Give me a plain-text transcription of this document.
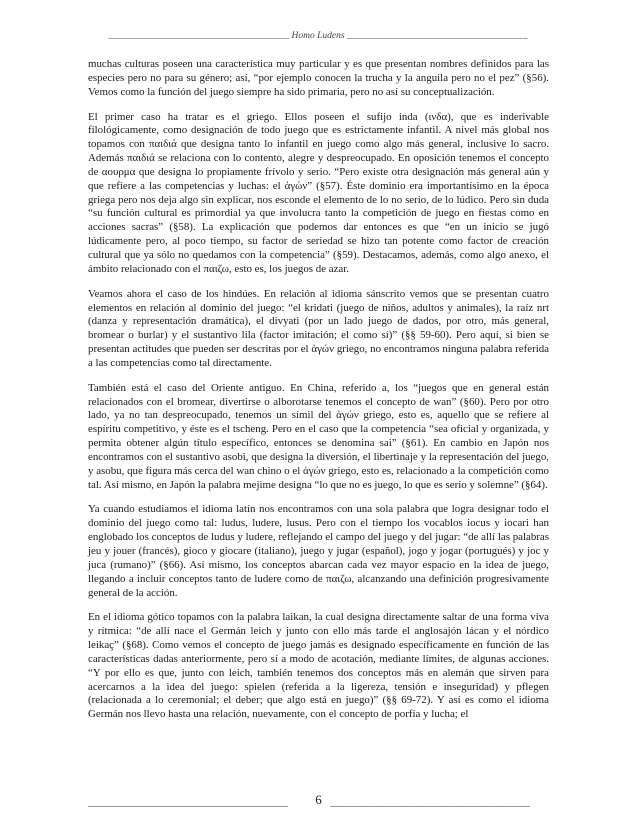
______________________________________ Homo Ludens ______________________________________

muchas culturas poseen una característica muy particular y es que presentan nombres definidos para las especies pero no para su género; así, “por ejemplo conocen la trucha y la anguila pero no el pez” (§56). Vemos como la función del juego siempre ha sido primaria, pero no así su conceptualización.

El primer caso ha tratar es el griego. Ellos poseen el sufijo inda (ινδα), que es inderivable filológicamente, como designación de todo juego que es estrictamente infantil. A nivel más global nos topamos con παιδιά que designa tanto lo infantil en juego como algo más general, inclusive lo sacro. Además παιδιά se relaciona con lo contento, alegre y despreocupado. En oposición tenemos el concepto de αουρμα que designa lo propiamente frívolo y serio. “Pero existe otra designación más general aún y que refiere a las competencias y luchas: el ἀγών” (§57). Éste dominio era importantísimo en la época griega pero nos deja algo sin explicar, nos esconde el elemento de lo no serio, de lo lúdico. Pero sin duda “su función cultural es primordial ya que involucra tanto la competición de juego en fiestas como en acciones sacras” (§58). La explicación que podemos dar entonces es que “en un inicio se jugó lúdicamente pero, al poco tiempo, su factor de seriedad se hizo tan potente como factor de creación cultural que ya sólo no quedamos con la competencia” (§59). Destacamos, además, como algo anexo, el ámbito relacionado con el παιζω, esto es, los juegos de azar.

Veamos ahora el caso de los hindúes. En relación al idioma sánscrito vemos que se presentan cuatro elementos en relación al dominio del juego: “el kridati (juego de niños, adultos y animales), la raíz nrt (danza y representación dramática), el divyati (por un lado juego de dados, por otro, más general, bromear o burlar) y el sustantivo lila (factor imitación; el como sí)” (§§ 59-60). Pero aquí, si bien se presentan actitudes que pueden ser descritas por el ἀγών griego, no encontramos ninguna palabra referida a las competencias como tal directamente.

También está el caso del Oriente antiguo. En China, referido a, los “juegos que en general están relacionados con el bromear, divertirse o alborotarse tenemos el concepto de wan” (§60). Pero por otro lado, ya no tan despreocupado, tenemos un símil del ἀγών griego, esto es, aquello que se refiere al espíritu competitivo, y éste es el tscheng. Pero en el caso que la competencia “sea oficial y organizada, y permita obtener algún título específico, entonces se denomina sai” (§61). En cambio en Japón nos encontramos con el sustantivo asobi, que designa la diversión, el libertinaje y la representación del juego, y asobu, que figura más cerca del wan chino o el ἀγών griego, esto es, relacionado a la competición como tal. Así mismo, en Japón la palabra mejime designa “lo que no es juego, lo que es serio y solemne” (§64).

Ya cuando estudiamos el idioma latín nos encontramos con una sola palabra que logra designar todo el dominio del juego como tal: ludus, ludere, lusus. Pero con el tiempo los vocablos iocus y iocari han englobado los conceptos de ludus y ludere, reflejando el campo del juego y del jugar: “de allí las palabras jeu y jouer (francés), gioco y giocare (italiano), juego y jugar (español), jogo y jogar (portugués) y joc y juca (rumano)” (§66). Así mismo, los conceptos abarcan cada vez mayor espacio en la idea de juego, llegando a incluir conceptos tanto de ludere como de παιζω, alcanzando una definición progresivamente general de la acción.

En el idioma gótico topamos con la palabra laikan, la cual designa directamente saltar de una forma viva y rítmica: “de allí nace el Germán leich y junto con ello más tarde el anglosajón lácan y el nórdico leikaç” (§68). Como vemos el concepto de juego jamás es designado específicamente en función de las características dadas anteriormente, pero sí a modo de acotación, mediante límites, de algunas acciones. “Y por ello es que, junto con leich, también tenemos dos conceptos más en alemán que sirven para acercarnos a la idea del juego: spielen (referida a la ligereza, tensión e inseguridad) y pflegen (relacionada a lo ceremonial; el deber; que algo está en juego)” (§§ 69-72). Y así es como el idioma Germán nos llevo hasta una relación, nuevamente, con el concepto de porfía y lucha; el

________________________________________	6 ________________________________________
